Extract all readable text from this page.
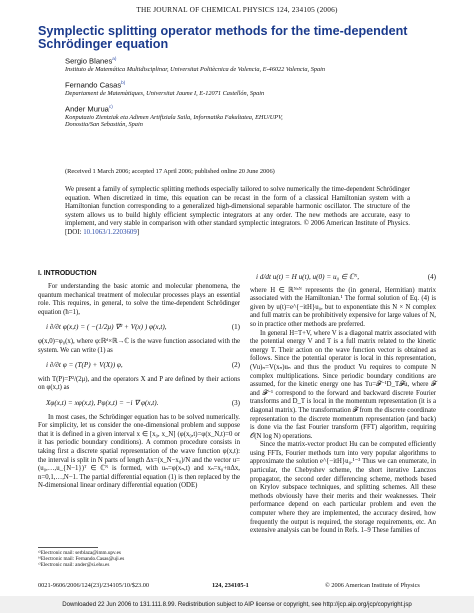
THE JOURNAL OF CHEMICAL PHYSICS 124, 234105 (2006)
Symplectic splitting operator methods for the time-dependent Schrödinger equation
Sergio Blanes$^{a)}$
Instituto de Matemática Multidisciplinar, Universitat Politècnica de Valencia, E-46022 Valencia, Spain
Fernando Casas$^{b)}$
Departament de Matemàtiques, Universitat Jaume I, E-12071 Castellón, Spain
Ander Murua$^{c)}$
Konputazio Zientziak eta Adimen Artifiziala Saila, Informatika Fakultatea, EHU/UPV,
Donostia/San Sebastián, Spain
(Received 1 March 2006; accepted 17 April 2006; published online 20 June 2006)
We present a family of symplectic splitting methods especially tailored to solve numerically the time-dependent Schrödinger equation. When discretized in time, this equation can be recast in the form of a classical Hamiltonian system with a Hamiltonian function corresponding to a generalized high-dimensional separable harmonic oscillator. The structure of the system allows us to build highly efficient symplectic integrators at any order. The new methods are accurate, easy to implement, and very stable in comparison with other standard symplectic integrators. © 2006 American Institute of Physics. [DOI: 10.1063/1.2203609]
I. INTRODUCTION

For understanding the basic atomic and molecular phenomena, the quantum mechanical treatment of molecular processes plays an essential role. This requires, in general, to solve the time-dependent Schrödinger equation (ħ=1),

i ∂/∂t φ(x,t) = ( −(1/2μ) ∇² + V(x) ) φ(x,t),	(1)

φ(x,0)=φ₀(x), where φ:ℝᵈ×ℝ→ℂ is the wave function associated with the system. We can write (1) as

i ∂/∂t φ = (T(P) + V(X)) φ,	(2)

with T(P)=P²/(2μ), and the operators X and P are defined by their actions on φ(x,t) as

Xφ(x,t) = xφ(x,t), Pφ(x,t) = −i ∇ φ(x,t).	(3)

In most cases, the Schrödinger equation has to be solved numerically. For simplicity, let us consider the one-dimensional problem and suppose that it is defined in a given interval x ∈ [x₀, x_N] (φ(x₀,t)=φ(x_N,t)=0 or it has periodic boundary conditions). A common procedure consists in taking first a discrete spatial representation of the wave function φ(x,t): the interval is split in N parts of length Δx=(x_N−x₀)/N and the vector u=(u₀,…,u_{N−1})ᵀ ∈ ℂᴺ is formed, with uₙ=φ(xₙ,t) and xₙ=x₀+nΔx, n=0,1,…,N−1. The partial differential equation (1) is then replaced by the N-dimensional linear ordinary differential equation (ODE)

i d/dt u(t) = H u(t), u(0) = u₀ ∈ ℂᴺ,	(4)

where H ∈ ℝᴺˣᴺ represents the (in general, Hermitian) matrix associated with the Hamiltonian.¹ The formal solution of Eq. (4) is given by u(t)=e^{−itH}u₀, but to exponentiate this N × N complex and full matrix can be prohibitively expensive for large values of N, so in practice other methods are preferred.

In general H=T+V, where V is a diagonal matrix associated with the potential energy V and T is a full matrix related to the kinetic energy T. Their action on the wave function vector is obtained as follows. Since the potential operator is local in this representation, (Vu)ₙ=V(xₙ)uₙ and thus the product Vu requires to compute N complex multiplications. Since periodic boundary conditions are assumed, for the kinetic energy one has Tu=𝓕⁻¹D_T𝓕u, where 𝓕 and 𝓕⁻¹ correspond to the forward and backward discrete Fourier transforms and D_T is local in the momentum representation (it is a diagonal matrix). The transformation 𝓕 from the discrete coordinate representation to the discrete momentum representation (and back) is done via the fast Fourier transform (FFT) algorithm, requiring 𝒪(N log N) operations.

Since the matrix-vector product Hu can be computed efficiently using FFTs, Fourier methods turn into very popular algorithms to approximate the solution e^{−itH}u₀.¹⁻³ Thus we can enumerate, in particular, the Chebyshev scheme, the short iterative Lanczos propagator, the second order differencing scheme, methods based on Krylov subspace techniques, and splitting schemes. All these methods obviously have their merits and their weaknesses. Their performance depend on each particular problem and even the computer where they are implemented, the accuracy desired, how frequently the output is required, the storage requirements, etc. An extensive analysis can be found in Refs. 1–9 These families of

ᵃ⁾Electronic mail: serblaza@imm.upv.es
ᵇ⁾Electronic mail: Fernando.Casas@uji.es
ᶜ⁾Electronic mail: ander@si.ehu.es
0021-9606/2006/124(23)/234105/10/$23.00	124, 234105-1	© 2006 American Institute of Physics
Downloaded 22 Jun 2006 to 131.111.8.99. Redistribution subject to AIP license or copyright, see http://jcp.aip.org/jcp/copyright.jsp
